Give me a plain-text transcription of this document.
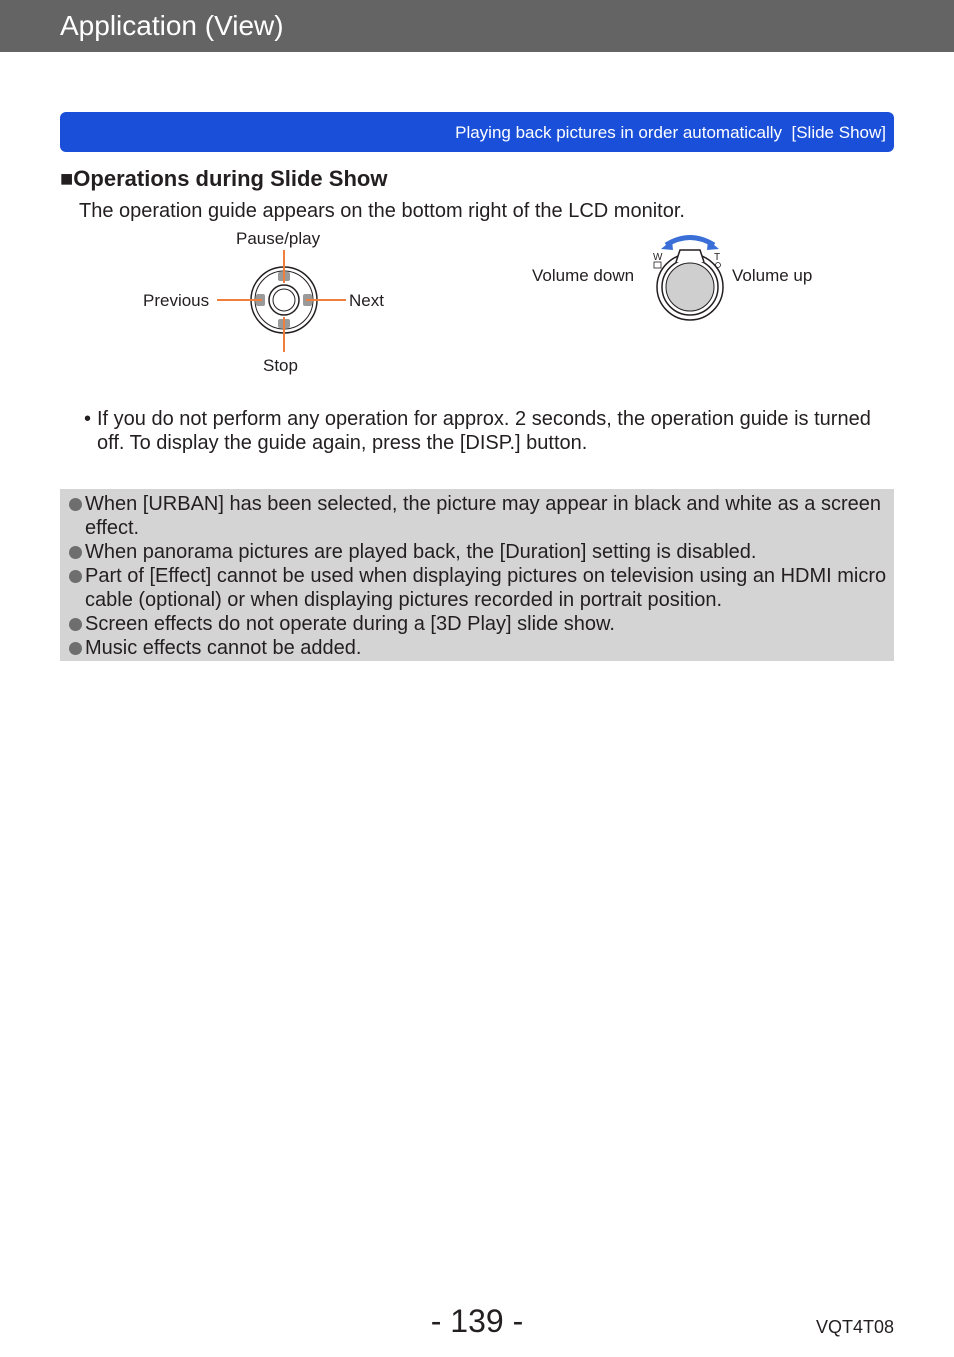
Application (View)
Playing back pictures in order automatically  [Slide Show]
■Operations during Slide Show
The operation guide appears on the bottom right of the LCD monitor.
W	T
Pause/play
Previous	Next
Stop
Volume down	Volume up
• If you do not perform any operation for approx. 2 seconds, the operation guide is turned off. To display the guide again, press the [DISP.] button.
When [URBAN] has been selected, the picture may appear in black and white as a screen effect.
When panorama pictures are played back, the [Duration] setting is disabled.
Part of [Effect] cannot be used when displaying pictures on television using an HDMI micro cable (optional) or when displaying pictures recorded in portrait position.
Screen effects do not operate during a [3D Play] slide show.
Music effects cannot be added.
- 139 -	VQT4T08
